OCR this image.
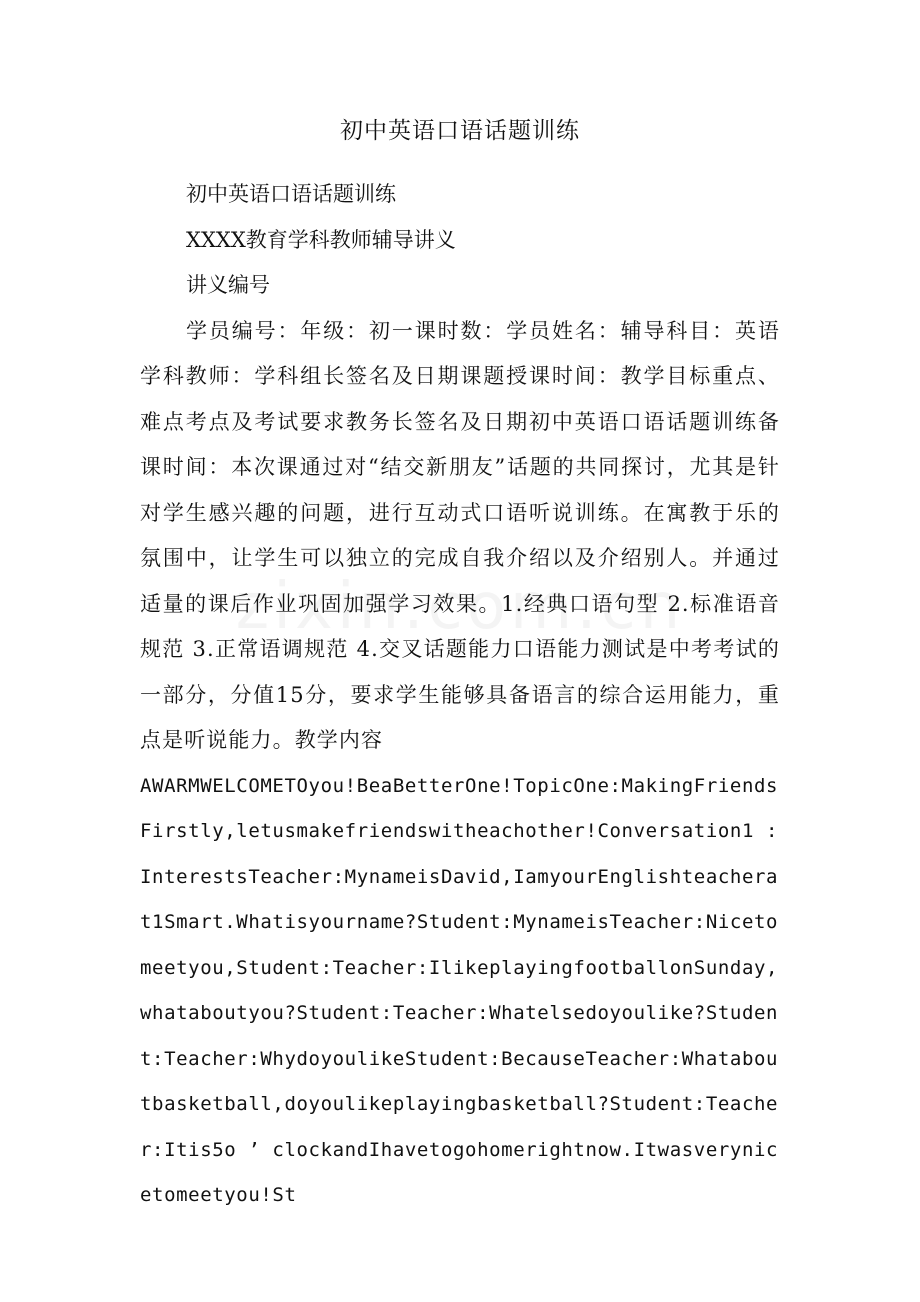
初中英语口语话题训练

初中英语口语话题训练

XXXX教育学科教师辅导讲义

讲义编号

学员编号：年级：初一课时数：学员姓名：辅导科目：英语学科教师：学科组长签名及日期课题授课时间：教学目标重点、难点考点及考试要求教务长签名及日期初中英语口语话题训练备课时间：本次课通过对“结交新朋友”话题的共同探讨，尤其是针对学生感兴趣的问题，进行互动式口语听说训练。在寓教于乐的氛围中，让学生可以独立的完成自我介绍以及介绍别人。并通过适量的课后作业巩固加强学习效果。1.经典口语句型 2.标准语音规范 3.正常语调规范 4.交叉话题能力口语能力测试是中考考试的一部分，分值15分，要求学生能够具备语言的综合运用能力，重点是听说能力。教学内容

AWARMWELCOMETOyou!BeaBetterOne!TopicOne:MakingFriendsFirstly,letusmakefriendswitheachother!Conversation1 : InterestsTeacher:MynameisDavid,IamyourEnglishteacherat1Smart.Whatisyourname?Student:MynameisTeacher:Nicetomeetyou,Student:Teacher:IlikeplayingfootballonSunday,whataboutyou?Student:Teacher:Whatelsedoyoulike?Student:Teacher:WhydoyoulikeStudent:BecauseTeacher:Whataboutbasketball,doyoulikeplayingbasketball?Student:Teacher:Itis5o ’ clockandIhavetogohomerightnow.Itwasverynicetomeetyou!St
